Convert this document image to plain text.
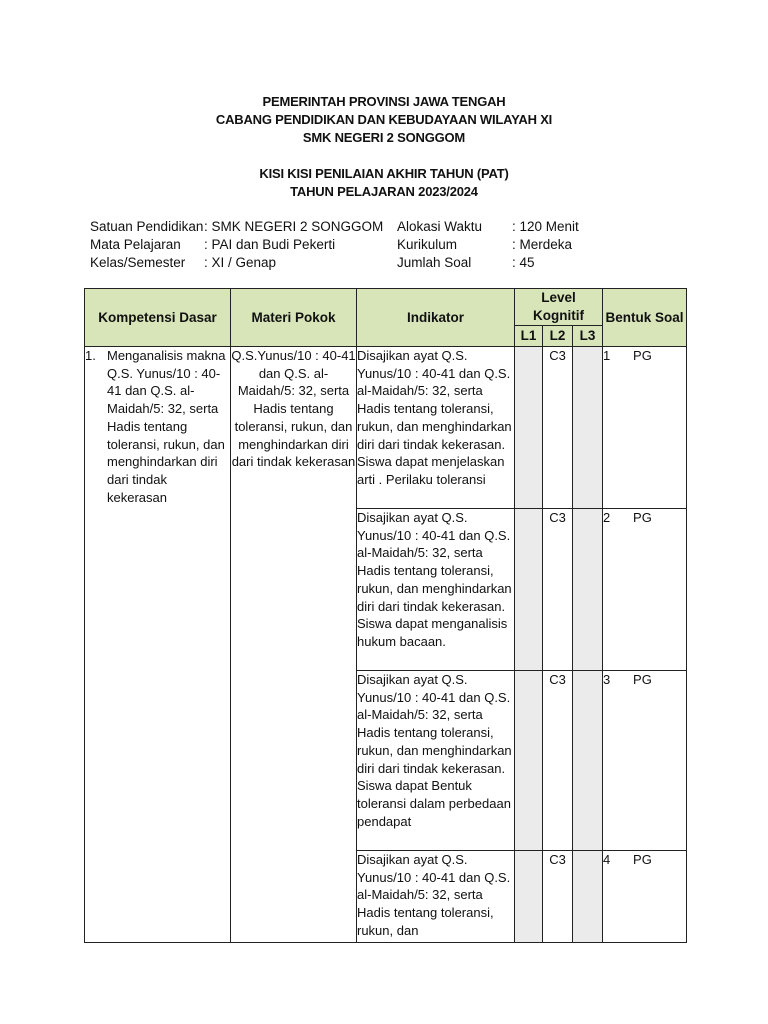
PEMERINTAH PROVINSI JAWA TENGAH
CABANG PENDIDIKAN DAN KEBUDAYAAN WILAYAH XI
SMK NEGERI 2 SONGGOM
KISI KISI PENILAIAN AKHIR TAHUN (PAT)
TAHUN PELAJARAN 2023/2024
Satuan Pendidikan : SMK NEGERI 2 SONGGOM Alokasi Waktu : 120 Menit
Mata Pelajaran : PAI dan Budi Pekerti	Kurikulum	: Merdeka
Kelas/Semester : XI / Genap	Jumlah Soal	: 45
Kompetensi Dasar	Materi Pokok	Indikator	Level Kognitif			Bentuk Soal
			L1	L2	L3	

1. Menganalisis makna Q.S. Yunus/10 : 40-41 dan Q.S. al-Maidah/5: 32, serta Hadis tentang toleransi, rukun, dan menghindarkan diri dari tindak kekerasan	Q.S.Yunus/10 : 40-41 dan Q.S. al-Maidah/5: 32, serta Hadis tentang toleransi, rukun, dan menghindarkan diri dari tindak kekerasan	Disajikan ayat Q.S. Yunus/10 : 40-41 dan Q.S. al-Maidah/5: 32, serta Hadis tentang toleransi, rukun, dan menghindarkan diri dari tindak kekerasan. Siswa dapat menjelaskan arti . Perilaku toleransi		C3		1 PG

		Disajikan ayat Q.S. Yunus/10 : 40-41 dan Q.S. al-Maidah/5: 32, serta Hadis tentang toleransi, rukun, dan menghindarkan diri dari tindak kekerasan. Siswa dapat menganalisis hukum bacaan.		C3		2 PG

		Disajikan ayat Q.S. Yunus/10 : 40-41 dan Q.S. al-Maidah/5: 32, serta Hadis tentang toleransi, rukun, dan menghindarkan diri dari tindak kekerasan. Siswa dapat Bentuk toleransi dalam perbedaan pendapat		C3		3 PG

		Disajikan ayat Q.S. Yunus/10 : 40-41 dan Q.S. al-Maidah/5: 32, serta Hadis tentang toleransi, rukun, dan		C3		4 PG
